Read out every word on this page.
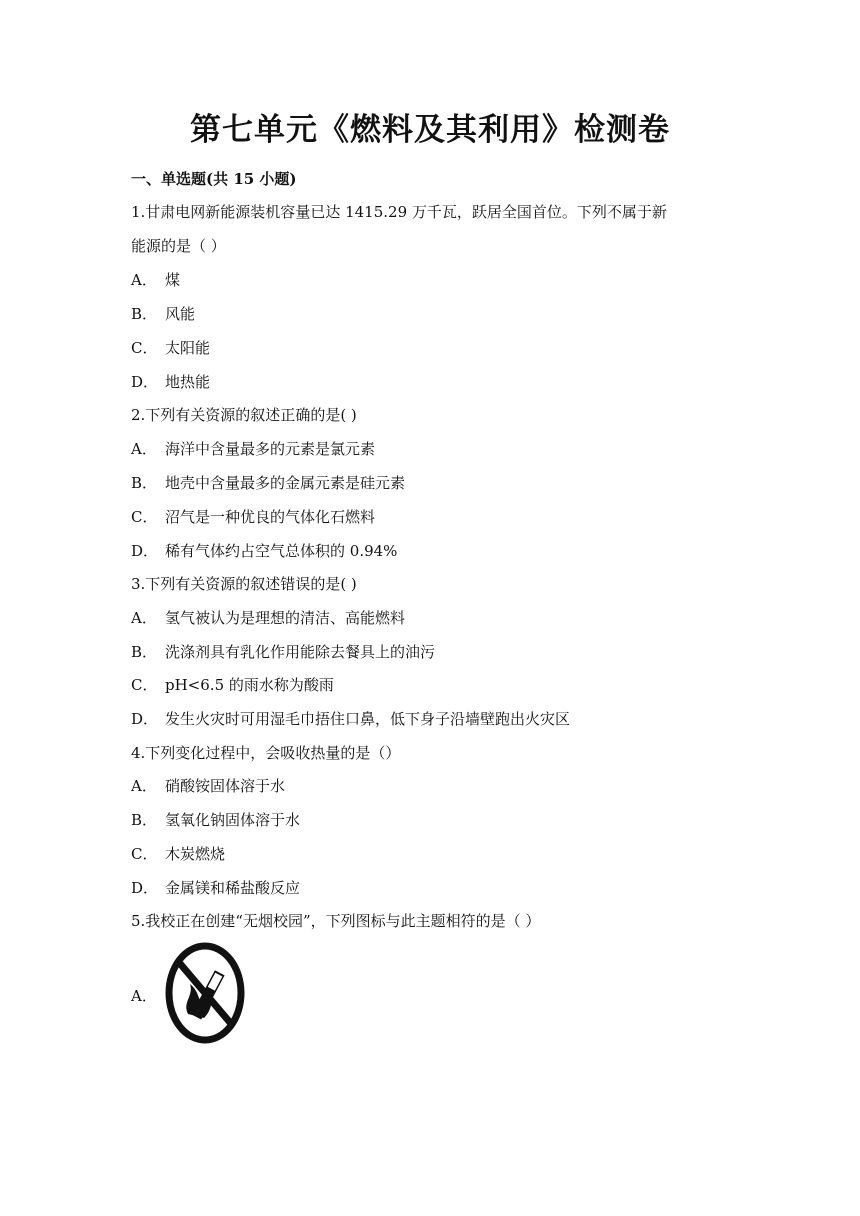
第七单元《燃料及其利用》检测卷
一、单选题(共 15 小题)
1.甘肃电网新能源装机容量已达 1415.29 万千瓦，跃居全国首位。下列不属于新
能源的是（ ）
A． 煤
B． 风能
C． 太阳能
D． 地热能
2.下列有关资源的叙述正确的是( )
A． 海洋中含量最多的元素是氯元素
B． 地壳中含量最多的金属元素是硅元素
C． 沼气是一种优良的气体化石燃料
D． 稀有气体约占空气总体积的 0.94%
3.下列有关资源的叙述错误的是( )
A． 氢气被认为是理想的清洁、高能燃料
B． 洗涤剂具有乳化作用能除去餐具上的油污
C． pH<6.5 的雨水称为酸雨
D． 发生火灾时可用湿毛巾捂住口鼻，低下身子沿墙壁跑出火灾区
4.下列变化过程中，会吸收热量的是（）
A． 硝酸铵固体溶于水
B． 氢氧化钠固体溶于水
C． 木炭燃烧
D． 金属镁和稀盐酸反应
5.我校正在创建“无烟校园”，下列图标与此主题相符的是（ ）
A．
